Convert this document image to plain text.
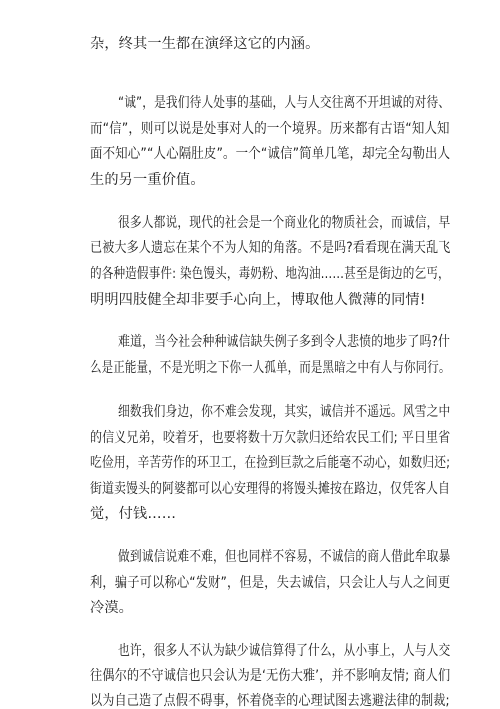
杂，终其一生都在演绎这它的内涵。
“诚”，是我们待人处事的基础，人与人交往离不开坦诚的对待、
而“信”，则可以说是处事对人的一个境界。历来都有古语“知人知
面不知心”“人心隔肚皮”。一个“诚信”简单几笔，却完全勾勒出人
生的另一重价值。
很多人都说，现代的社会是一个商业化的物质社会，而诚信，早
已被大多人遗忘在某个不为人知的角落。不是吗?看看现在满天乱飞
的各种造假事件: 染色馒头，毒奶粉、地沟油……甚至是街边的乞丐，
明明四肢健全却非要手心向上，博取他人微薄的同情!
难道，当今社会种种诚信缺失例子多到令人悲愤的地步了吗?什
么是正能量，不是光明之下你一人孤单，而是黑暗之中有人与你同行。
细数我们身边，你不难会发现，其实，诚信并不遥远。风雪之中
的信义兄弟，咬着牙，也要将数十万欠款归还给农民工们; 平日里省
吃俭用，辛苦劳作的环卫工，在捡到巨款之后能毫不动心，如数归还;
街道卖馒头的阿婆都可以心安理得的将馒头摊按在路边，仅凭客人自
觉，付钱……
做到诚信说难不难，但也同样不容易，不诚信的商人借此牟取暴
利，骗子可以称心“发财”，但是，失去诚信，只会让人与人之间更
冷漠。
也许，很多人不认为缺少诚信算得了什么，从小事上，人与人交
往偶尔的不守诚信也只会认为是‘无伤大雅’，并不影响友情; 商人们
以为自己造了点假不碍事，怀着侥幸的心理试图去逃避法律的制裁;
